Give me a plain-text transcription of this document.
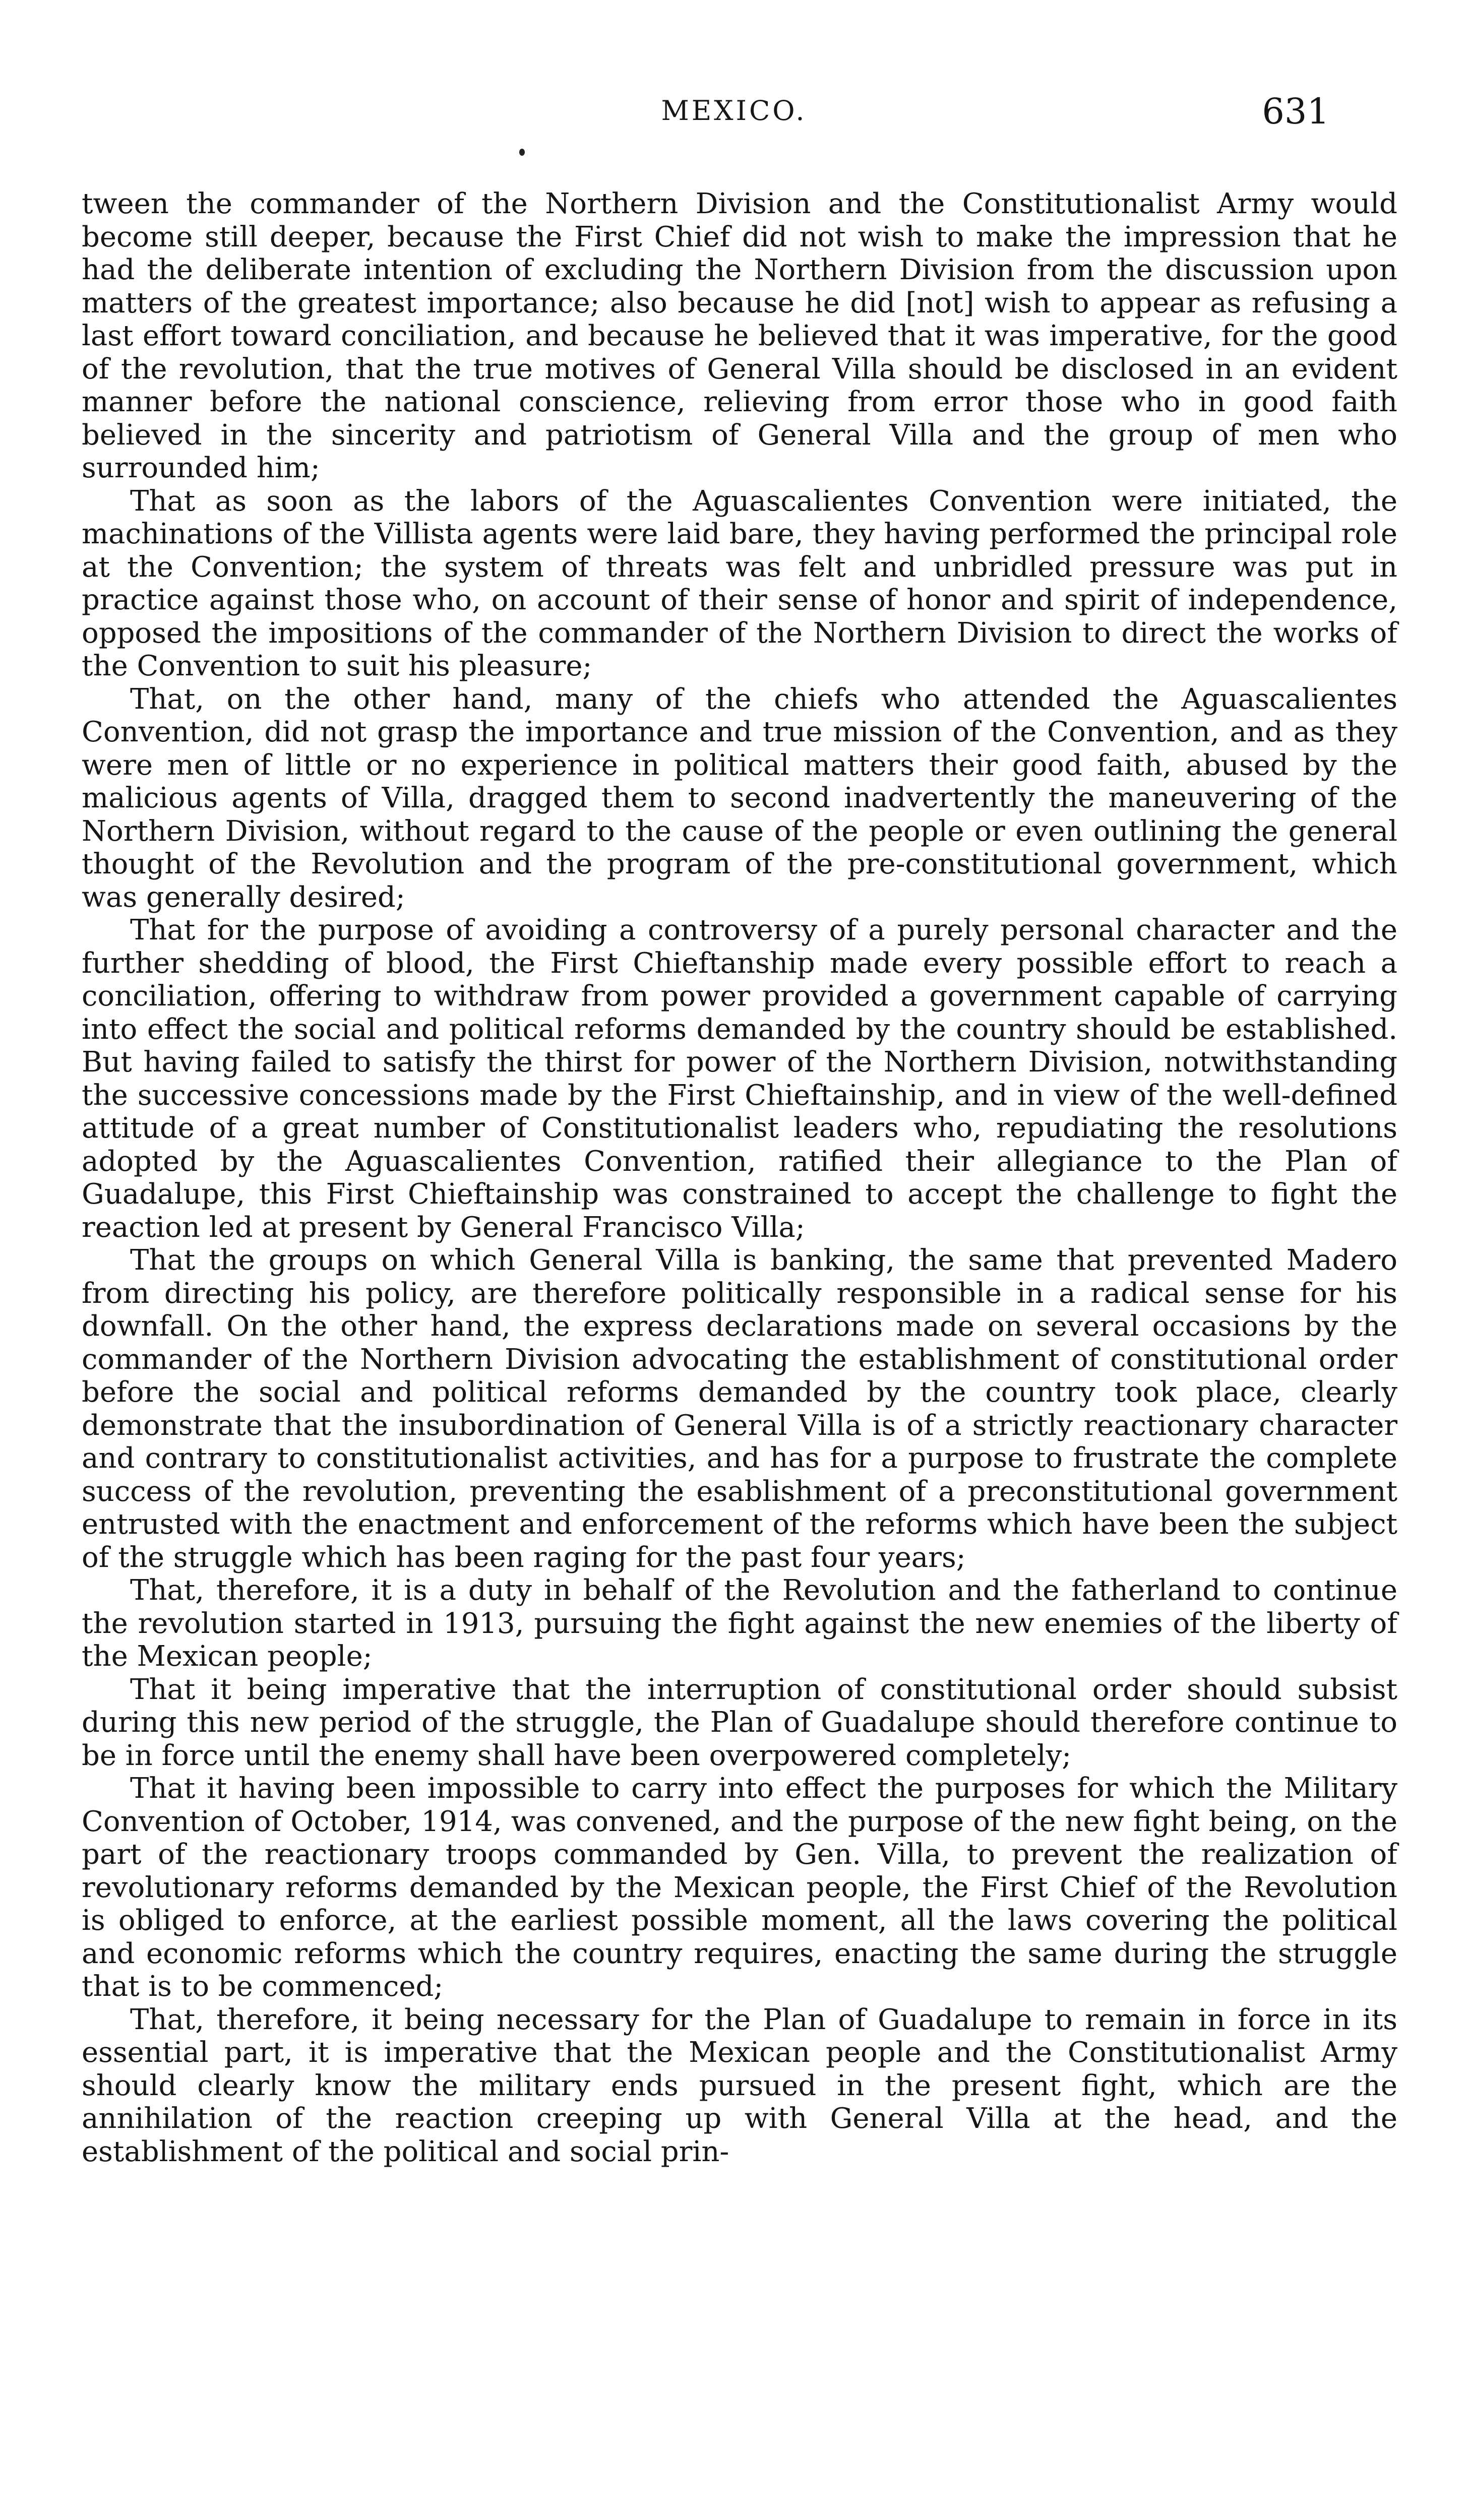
MEXICO.	631

tween the commander of the Northern Division and the Constitutionalist Army would become still deeper, because the First Chief did not wish to make the impression that he had the deliberate intention of excluding the Northern Division from the discussion upon matters of the greatest importance; also because he did [not] wish to appear as refusing a last effort toward conciliation, and because he believed that it was imperative, for the good of the revolution, that the true motives of General Villa should be disclosed in an evident manner before the national conscience, relieving from error those who in good faith believed in the sincerity and patriotism of General Villa and the group of men who surrounded him;

That as soon as the labors of the Aguascalientes Convention were initiated, the machinations of the Villista agents were laid bare, they having performed the principal role at the Convention; the system of threats was felt and unbridled pressure was put in practice against those who, on account of their sense of honor and spirit of independence, opposed the impositions of the commander of the Northern Division to direct the works of the Convention to suit his pleasure;

That, on the other hand, many of the chiefs who attended the Aguascalientes Convention, did not grasp the importance and true mission of the Convention, and as they were men of little or no experience in political matters their good faith, abused by the malicious agents of Villa, dragged them to second inadvertently the maneuvering of the Northern Division, without regard to the cause of the people or even outlining the general thought of the Revolution and the program of the pre-constitutional government, which was generally desired;

That for the purpose of avoiding a controversy of a purely personal character and the further shedding of blood, the First Chieftanship made every possible effort to reach a conciliation, offering to withdraw from power provided a government capable of carrying into effect the social and political reforms demanded by the country should be established. But having failed to satisfy the thirst for power of the Northern Division, notwithstanding the successive concessions made by the First Chieftainship, and in view of the well-defined attitude of a great number of Constitutionalist leaders who, repudiating the resolutions adopted by the Aguascalientes Convention, ratified their allegiance to the Plan of Guadalupe, this First Chieftainship was constrained to accept the challenge to fight the reaction led at present by General Francisco Villa;

That the groups on which General Villa is banking, the same that prevented Madero from directing his policy, are therefore politically responsible in a radical sense for his downfall. On the other hand, the express declarations made on several occasions by the commander of the Northern Division advocating the establishment of constitutional order before the social and political reforms demanded by the country took place, clearly demonstrate that the insubordination of General Villa is of a strictly reactionary character and contrary to constitutionalist activities, and has for a purpose to frustrate the complete success of the revolution, preventing the esablishment of a preconstitutional government entrusted with the enactment and enforcement of the reforms which have been the subject of the struggle which has been raging for the past four years;

That, therefore, it is a duty in behalf of the Revolution and the fatherland to continue the revolution started in 1913, pursuing the fight against the new enemies of the liberty of the Mexican people;

That it being imperative that the interruption of constitutional order should subsist during this new period of the struggle, the Plan of Guadalupe should therefore continue to be in force until the enemy shall have been overpowered completely;

That it having been impossible to carry into effect the purposes for which the Military Convention of October, 1914, was convened, and the purpose of the new fight being, on the part of the reactionary troops commanded by Gen. Villa, to prevent the realization of revolutionary reforms demanded by the Mexican people, the First Chief of the Revolution is obliged to enforce, at the earliest possible moment, all the laws covering the political and economic reforms which the country requires, enacting the same during the struggle that is to be commenced;

That, therefore, it being necessary for the Plan of Guadalupe to remain in force in its essential part, it is imperative that the Mexican people and the Constitutionalist Army should clearly know the military ends pursued in the present fight, which are the annihilation of the reaction creeping up with General Villa at the head, and the establishment of the political and social prin-
